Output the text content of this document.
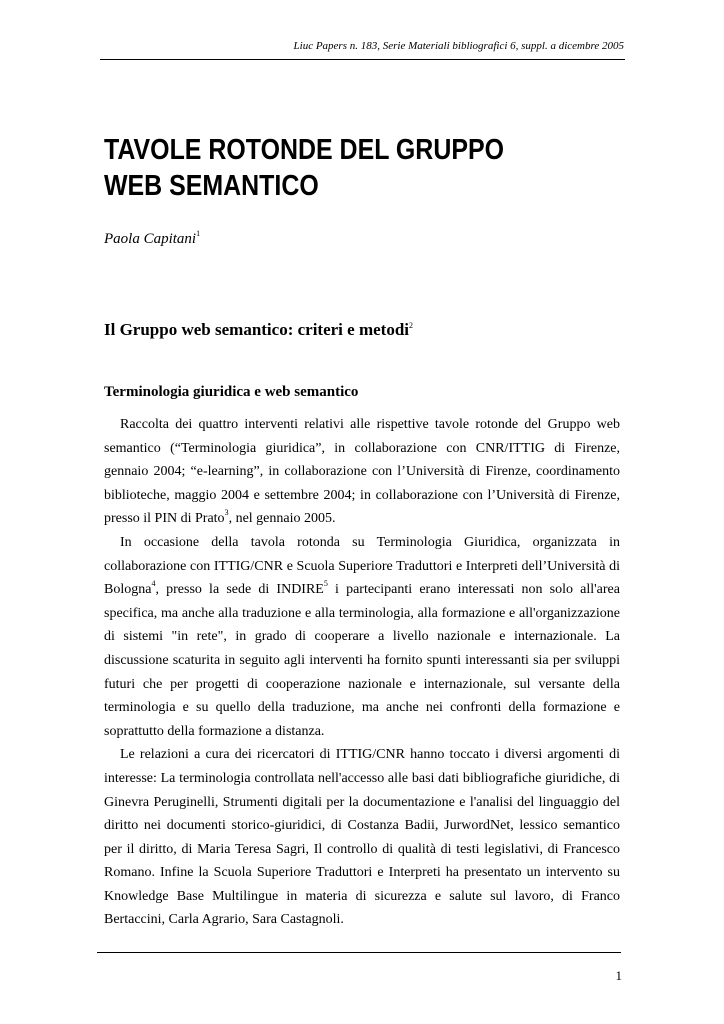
Liuc Papers n. 183, Serie Materiali bibliografici 6, suppl. a dicembre 2005
TAVOLE ROTONDE DEL GRUPPO WEB SEMANTICO
Paola Capitani$^1$
Il Gruppo web semantico: criteri e metodi$^2$
Terminologia giuridica e web semantico

Raccolta dei quattro interventi relativi alle rispettive tavole rotonde del Gruppo web semantico (“Terminologia giuridica”, in collaborazione con CNR/ITTIG di Firenze, gennaio 2004; “e-learning”, in collaborazione con l’Università di Firenze, coordinamento biblioteche, maggio 2004 e settembre 2004; in collaborazione con l’Università di Firenze, presso il PIN di Prato$^3$, nel gennaio 2005.

In occasione della tavola rotonda su Terminologia Giuridica, organizzata in collaborazione con ITTIG/CNR e Scuola Superiore Traduttori e Interpreti dell’Università di Bologna$^4$, presso la sede di INDIRE$^5$ i partecipanti erano interessati non solo all'area specifica, ma anche alla traduzione e alla terminologia, alla formazione e all'organizzazione di sistemi "in rete", in grado di cooperare a livello nazionale e internazionale. La discussione scaturita in seguito agli interventi ha fornito spunti interessanti sia per sviluppi futuri che per progetti di cooperazione nazionale e internazionale, sul versante della terminologia e su quello della traduzione, ma anche nei confronti della formazione e soprattutto della formazione a distanza.

Le relazioni a cura dei ricercatori di ITTIG/CNR hanno toccato i diversi argomenti di interesse: La terminologia controllata nell'accesso alle basi dati bibliografiche giuridiche, di Ginevra Peruginelli, Strumenti digitali per la documentazione e l'analisi del linguaggio del diritto nei documenti storico-giuridici, di Costanza Badii, JurwordNet, lessico semantico per il diritto, di Maria Teresa Sagri, Il controllo di qualità di testi legislativi, di Francesco Romano. Infine la Scuola Superiore Traduttori e Interpreti ha presentato un intervento su Knowledge Base Multilingue in materia di sicurezza e salute sul lavoro, di Franco Bertaccini, Carla Agrario, Sara Castagnoli.

1
